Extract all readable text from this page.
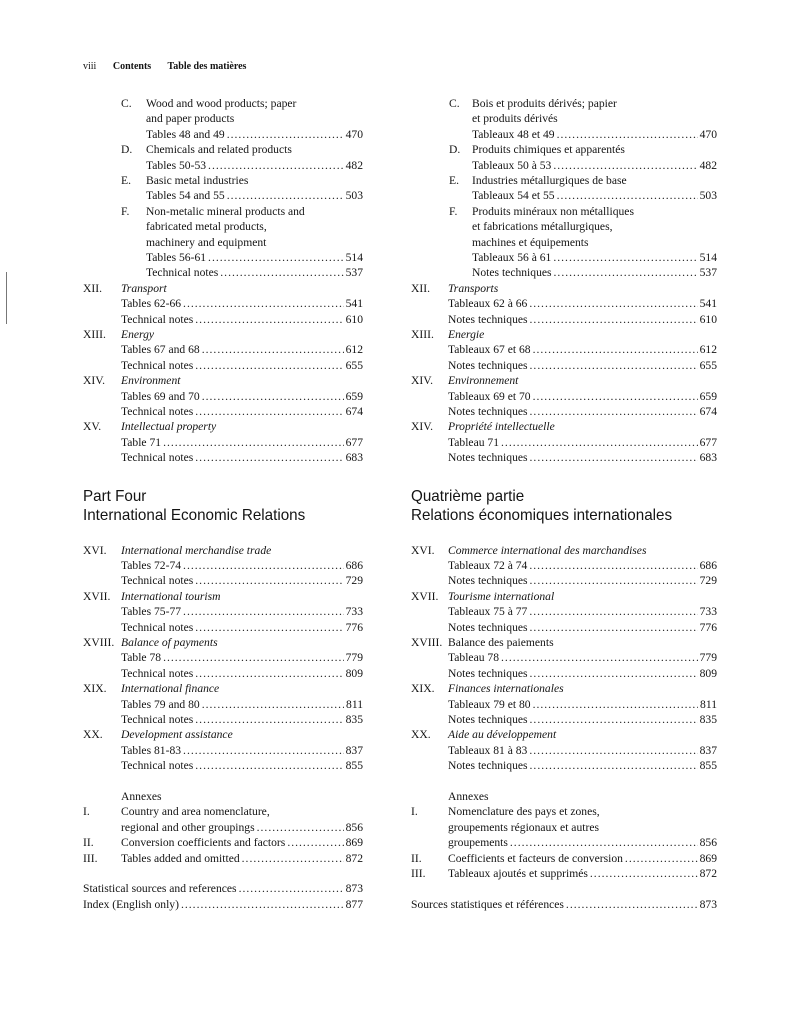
viii Contents Table des matières
Part Four
International Economic Relations
C. Wood and wood products; paper
and paper products
Tables 48 and 49 .....	470
D. Chemicals and related products
Tables 50-53 .....	482
E. Basic metal industries
Tables 54 and 55 .....	503
F. Non-metalic mineral products and
fabricated metal products,
machinery and equipment
Tables 56-61 .....	514
Technical notes .....	537
XII. Transport
Tables 62-66 .....	541
Technical notes .....	610
XIII. Energy
Tables 67 and 68 .....	612
Technical notes .....	655
XIV. Environment
Tables 69 and 70 .....	659
Technical notes .....	674
XV. Intellectual property
Table 71 .....	677
Technical notes .....	683
XVI. International merchandise trade
Tables 72-74 .....	686
Technical notes .....	729
XVII. International tourism
Tables 75-77 .....	733
Technical notes .....	776
XVIII. Balance of payments
Table 78 .....	779
Technical notes .....	809
XIX. International finance
Tables 79 and 80 .....	811
Technical notes .....	835
XX. Development assistance
Tables 81-83 .....	837
Technical notes .....	855
Annexes
I.	Country and area nomenclature,
regional and other groupings .....	856
II. Conversion coefficients and factors .....	869
III. Tables added and omitted .....	872
Statistical sources and references .....	873
Index (English only) .....	877
Quatrième partie
Relations économiques internationales
C. Bois et produits dérivés; papier
et produits dérivés
Tableaux 48 et 49 .....	470
D. Produits chimiques et apparentés
Tableaux 50 à 53 .....	482
E. Industries métallurgiques de base
Tableaux 54 et 55 .....	503
F. Produits minéraux non métalliques
et fabrications métallurgiques,
machines et équipements
Tableaux 56 à 61 .....	514
Notes techniques .....	537
XII. Transports
Tableaux 62 à 66 .....	541
Notes techniques .....	610
XIII. Energie
Tableaux 67 et 68 .....	612
Notes techniques .....	655
XIV. Environnement
Tableaux 69 et 70 .....	659
Notes techniques .....	674
XIV. Propriété intellectuelle
Tableau 71 .....	677
Notes techniques .....	683
XVI. Commerce international des marchandises
Tableaux 72 à 74 .....	686
Notes techniques .....	729
XVII. Tourisme international
Tableaux 75 à 77 .....	733
Notes techniques .....	776
XVIII. Balance des paiements
Tableau 78 .....	779
Notes techniques .....	809
XIX. Finances internationales
Tableaux 79 et 80 .....	811
Notes techniques .....	835
XX. Aide au développement
Tableaux 81 à 83 .....	837
Notes techniques .....	855
Annexes
I.	Nomenclature des pays et zones,
groupements régionaux et autres
groupements .....	856
II. Coefficients et facteurs de conversion .....	869
III. Tableaux ajoutés et supprimés .....	872
Sources statistiques et références .....	873
